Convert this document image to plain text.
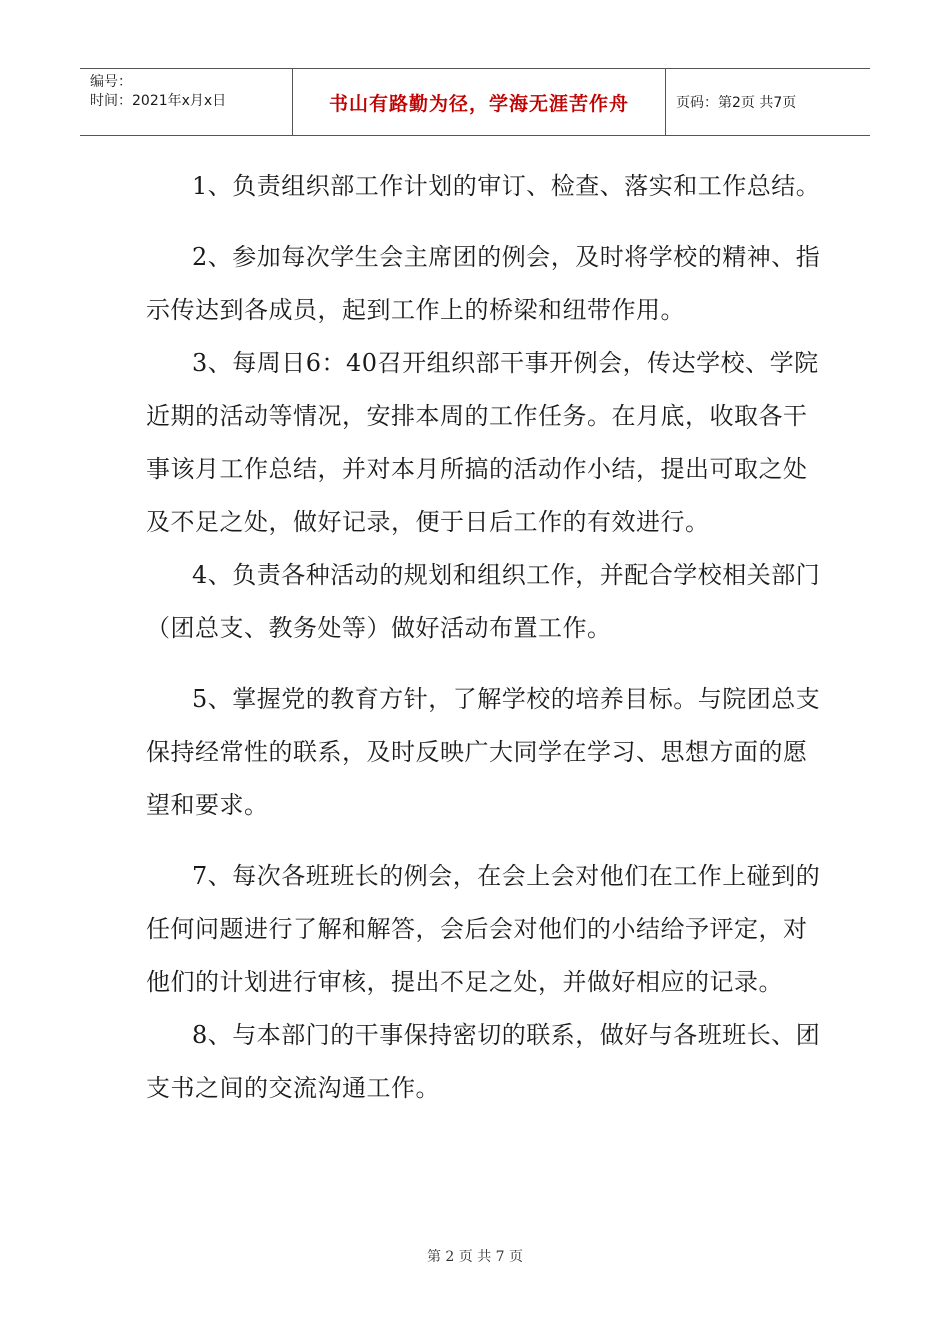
编号：
时间：2021年x月x日	书山有路勤为径，学海无涯苦作舟	页码：第2页 共7页

1、负责组织部工作计划的审订、检查、落实和工作总结。

2、参加每次学生会主席团的例会，及时将学校的精神、指示传达到各成员，起到工作上的桥梁和纽带作用。

3、每周日6：40召开组织部干事开例会，传达学校、学院近期的活动等情况，安排本周的工作任务。在月底，收取各干事该月工作总结，并对本月所搞的活动作小结，提出可取之处及不足之处，做好记录，便于日后工作的有效进行。

4、负责各种活动的规划和组织工作，并配合学校相关部门（团总支、教务处等）做好活动布置工作。

5、掌握党的教育方针，了解学校的培养目标。与院团总支保持经常性的联系，及时反映广大同学在学习、思想方面的愿望和要求。

7、每次各班班长的例会，在会上会对他们在工作上碰到的任何问题进行了解和解答，会后会对他们的小结给予评定，对他们的计划进行审核，提出不足之处，并做好相应的记录。

8、与本部门的干事保持密切的联系，做好与各班班长、团支书之间的交流沟通工作。

第 2 页 共 7 页
